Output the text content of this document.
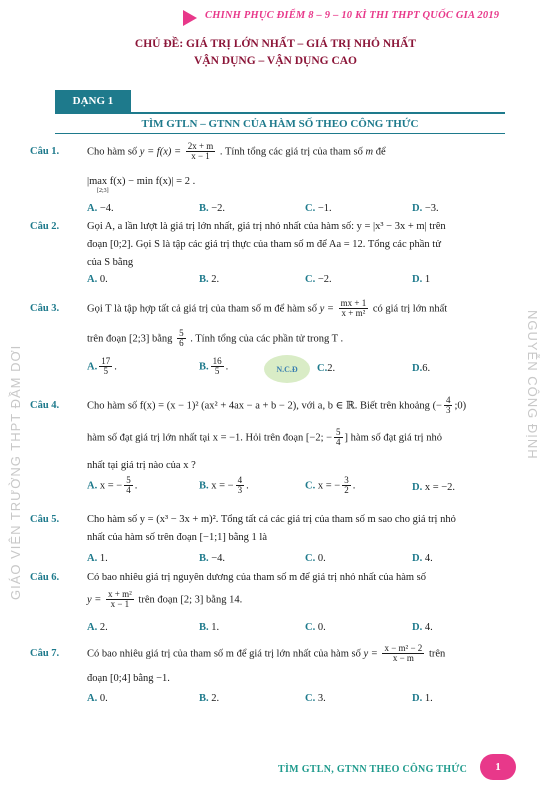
CHINH PHỤC ĐIỂM 8 – 9 – 10 KÌ THI THPT QUỐC GIA 2019
CHỦ ĐỀ: GIÁ TRỊ LỚN NHẤT – GIÁ TRỊ NHỎ NHẤT
VẬN DỤNG – VẬN DỤNG CAO
DẠNG 1
TÌM GTLN – GTNN CỦA HÀM SỐ THEO CÔNG THỨC
GIÁO VIÊN TRƯỜNG THPT ĐẦM DƠI	NGUYỄN CÔNG ĐỊNH
Câu 1.	Cho hàm số $y = f(x) = \frac{2x + m}{x - 1}$ . Tính tổng các giá trị của tham số m để
|max f(x) − min f(x)| = 2 .
[2;3]
A. −4.	B. −2.	C. −1.	D. −3.
Câu 2.	Gọi A, a lần lượt là giá trị lớn nhất, giá trị nhỏ nhất của hàm số: y = |x³ − 3x + m| trên
đoạn [0;2]. Gọi S là tập các giá trị thực của tham số m để Aa = 12. Tổng các phần tử
của S bằng
A. 0.	B. 2.	C. −2.	D. 1
Câu 3.	Gọi T là tập hợp tất cả giá trị của tham số m để hàm số $y = \frac{mx + 1}{\text{x + m²}}$ có giá trị lớn nhất
trên đoạn [2;3] bằng $\frac{5}{6}$ . Tính tổng của các phần tử trong T .
A. $\frac{17}{5}$ .	B. $\frac{16}{5}$ .	C.2.	D.6.
N.C.Đ
Câu 4.	Cho hàm số f(x) = (x − 1)² (ax² + 4ax − a + b − 2), với a, b ∈ ℝ. Biết trên khoảng (− $\frac{4}{3}$ ;0)
hàm số đạt giá trị lớn nhất tại x = −1. Hỏi trên đoạn [−2; − $\frac{5}{4}$ ] hàm số đạt giá trị nhỏ
nhất tại giá trị nào của x ?
A. x = − $\frac{5}{4}$ .	B. x = − $\frac{4}{3}$ .	C. x = − $\frac{3}{2}$ .	D. x = −2.
Câu 5.	Cho hàm số y = (x³ − 3x + m)². Tổng tất cả các giá trị của tham số m sao cho giá trị nhỏ
nhất của hàm số trên đoạn [−1;1] bằng 1 là
A. 1.	B. −4.	C. 0.	D. 4.
Câu 6.	Có bao nhiêu giá trị nguyên dương của tham số m để giá trị nhỏ nhất của hàm số
$y = \frac{\text{x + m²}}{x - 1}$ trên đoạn [2; 3] bằng 14.
A. 2.	B. 1.	C. 0.	D. 4.
Câu 7.	Có bao nhiêu giá trị của tham số m để giá trị lớn nhất của hàm số $y = \frac{\text{x − m² − 2}}{x - m}$ trên
đoạn [0;4] bằng −1.
A. 0.	B. 2.	C. 3.	D. 1.
TÌM GTLN, GTNN THEO CÔNG THỨC	1
